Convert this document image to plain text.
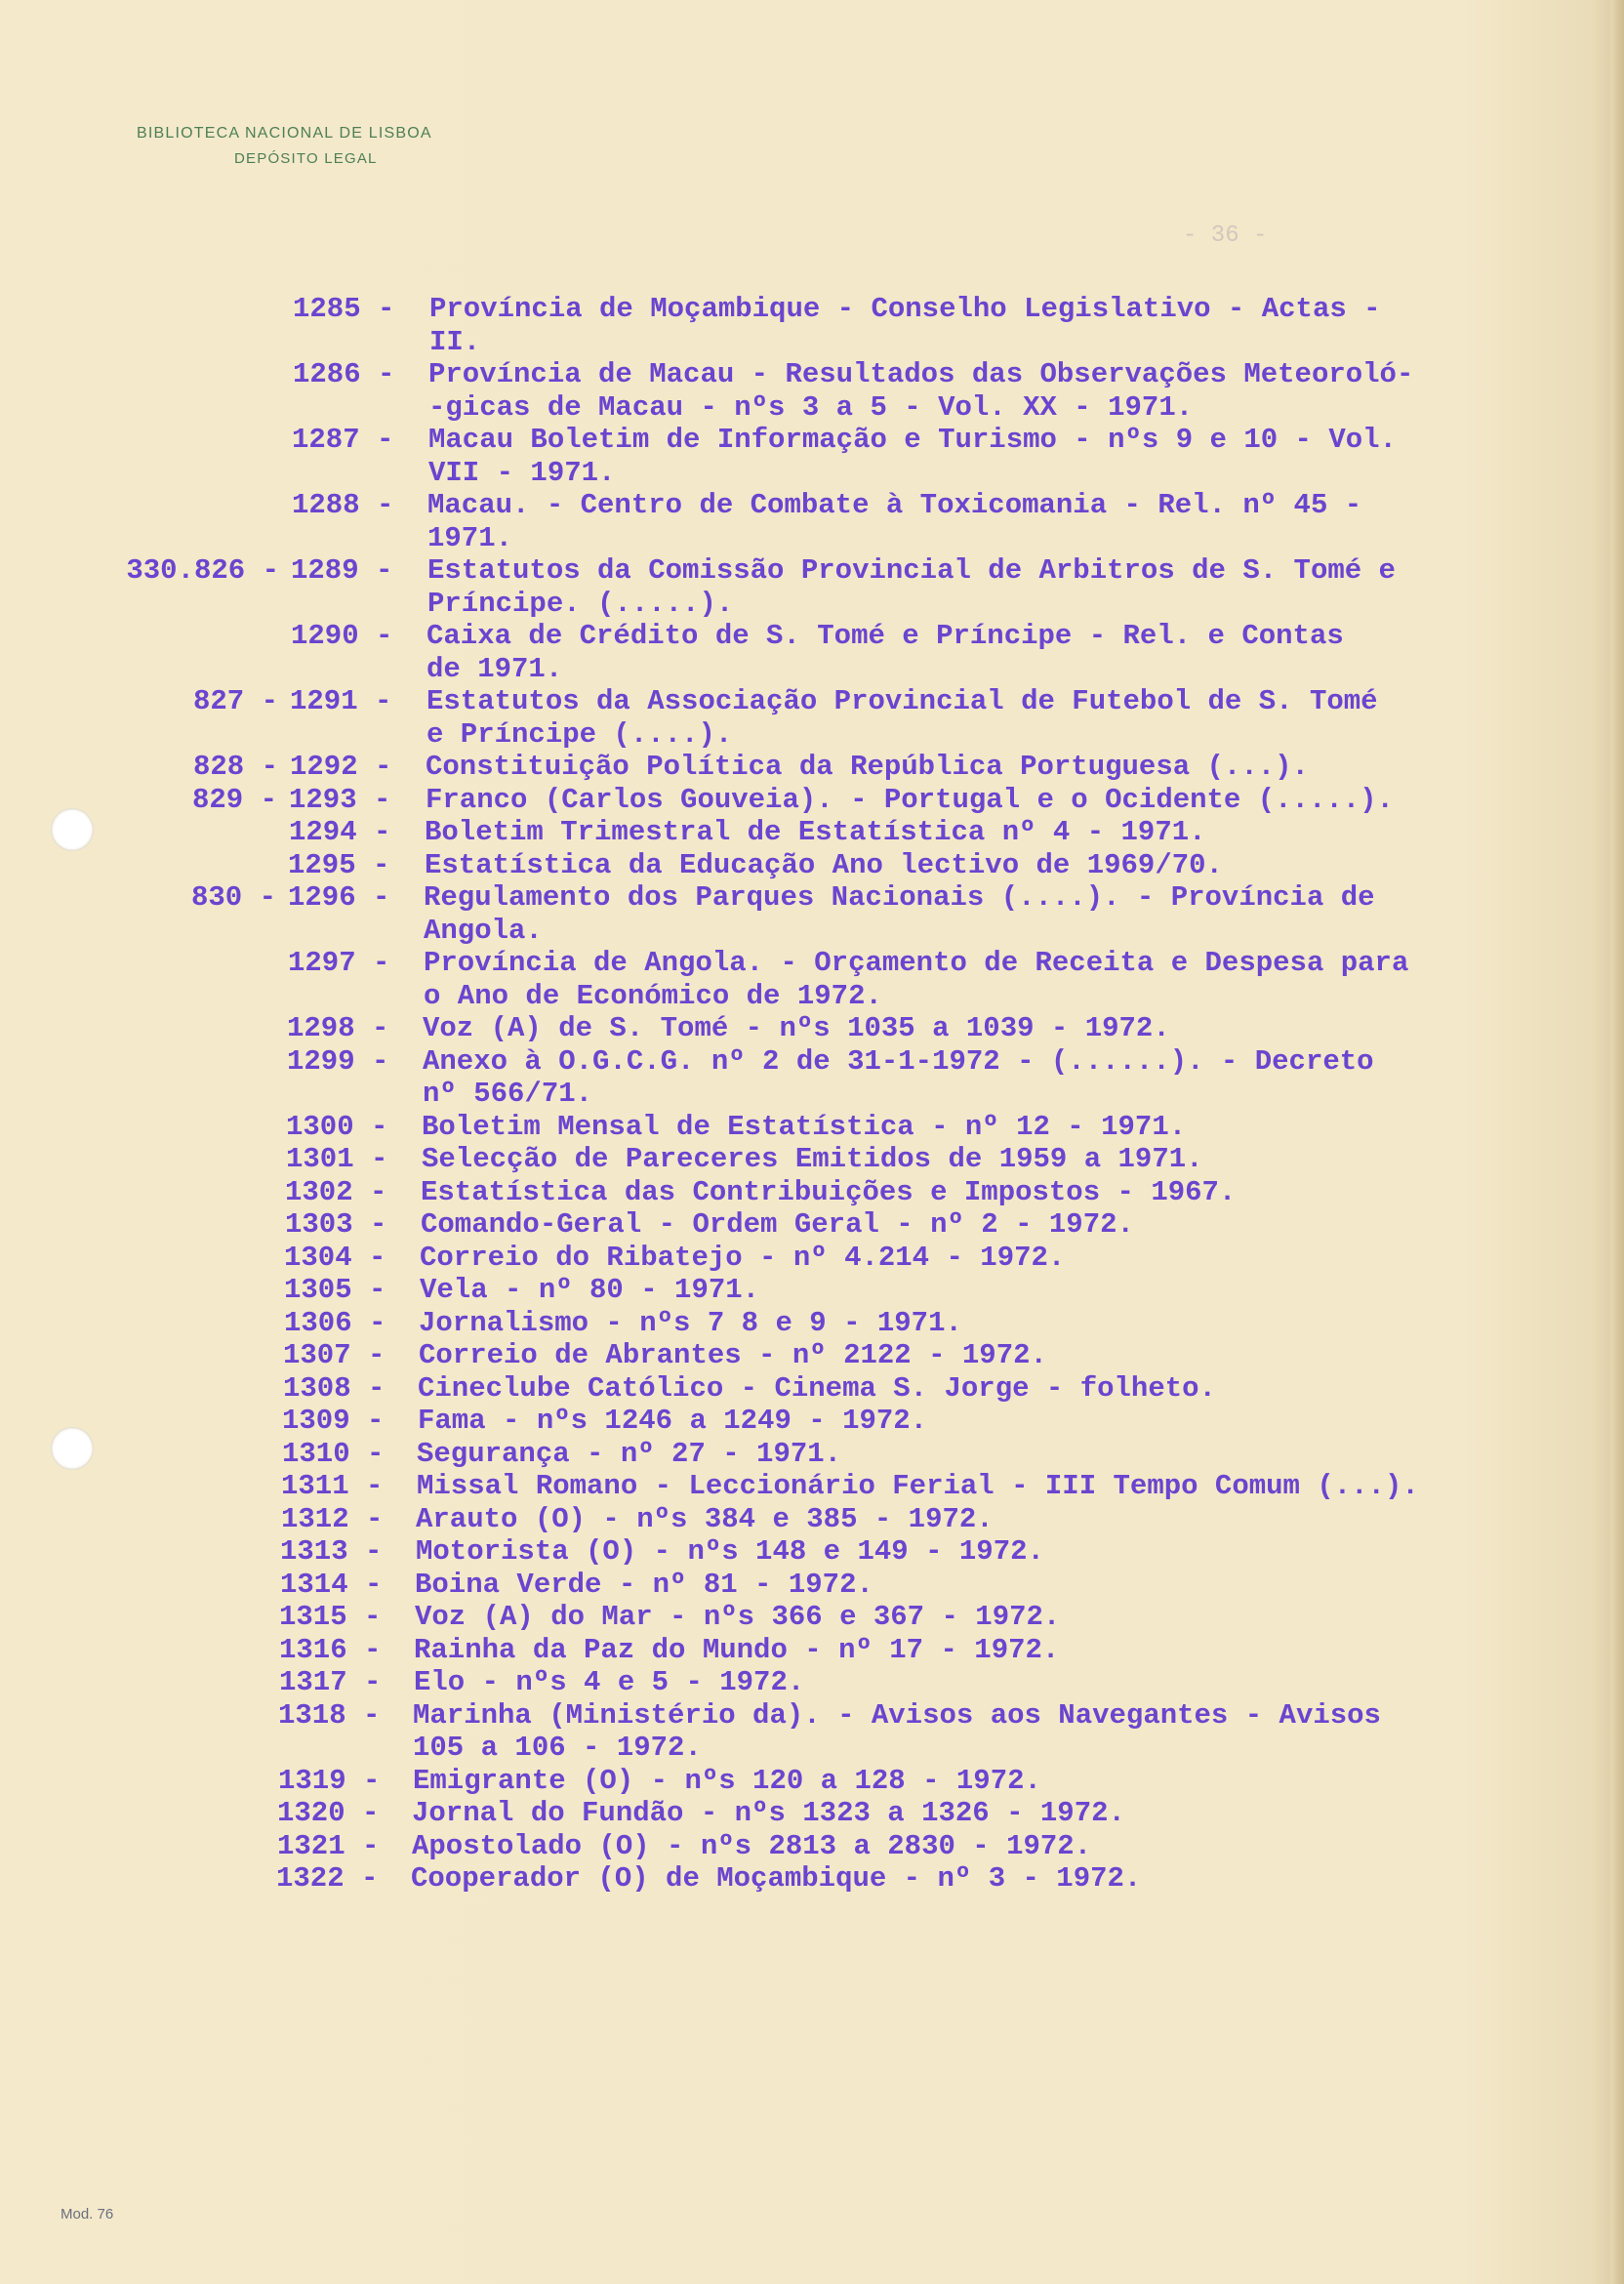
BIBLIOTECA NACIONAL DE LISBOA
DEPÓSITO LEGAL
- 36 -
1285 - Província de Moçambique - Conselho Legislativo - Actas -
II.
1286 - Província de Macau - Resultados das Observações Meteoroló-
-gicas de Macau - nºs 3 a 5 - Vol. XX - 1971.
1287 - Macau Boletim de Informação e Turismo - nºs 9 e 10 - Vol.
VII - 1971.
1288 - Macau. - Centro de Combate à Toxicomania - Rel. nº 45 -
1971.
330.826 - 1289 - Estatutos da Comissão Provincial de Arbitros de S. Tomé e
Príncipe. (.....).
1290 - Caixa de Crédito de S. Tomé e Príncipe - Rel. e Contas
de 1971.
827 - 1291 - Estatutos da Associação Provincial de Futebol de S. Tomé
e Príncipe (....).
828 - 1292 - Constituição Política da República Portuguesa (...).
829 - 1293 - Franco (Carlos Gouveia). - Portugal e o Ocidente (.....).
1294 - Boletim Trimestral de Estatística nº 4 - 1971.
1295 - Estatística da Educação Ano lectivo de 1969/70.
830 - 1296 - Regulamento dos Parques Nacionais (....). - Província de
Angola.
1297 - Província de Angola. - Orçamento de Receita e Despesa para
o Ano de Económico de 1972.
1298 - Voz (A) de S. Tomé - nºs 1035 a 1039 - 1972.
1299 - Anexo à O.G.C.G. nº 2 de 31-1-1972 - (......). - Decreto
nº 566/71.
1300 - Boletim Mensal de Estatística - nº 12 - 1971.
1301 - Selecção de Pareceres Emitidos de 1959 a 1971.
1302 - Estatística das Contribuições e Impostos - 1967.
1303 - Comando-Geral - Ordem Geral - nº 2 - 1972.
1304 - Correio do Ribatejo - nº 4.214 - 1972.
1305 - Vela - nº 80 - 1971.
1306 - Jornalismo - nºs 7 8 e 9 - 1971.
1307 - Correio de Abrantes - nº 2122 - 1972.
1308 - Cineclube Católico - Cinema S. Jorge - folheto.
1309 - Fama - nºs 1246 a 1249 - 1972.
1310 - Segurança - nº 27 - 1971.
1311 - Missal Romano - Leccionário Ferial - III Tempo Comum (...).
1312 - Arauto (O) - nºs 384 e 385 - 1972.
1313 - Motorista (O) - nºs 148 e 149 - 1972.
1314 - Boina Verde - nº 81 - 1972.
1315 - Voz (A) do Mar - nºs 366 e 367 - 1972.
1316 - Rainha da Paz do Mundo - nº 17 - 1972.
1317 - Elo - nºs 4 e 5 - 1972.
1318 - Marinha (Ministério da). - Avisos aos Navegantes - Avisos
105 a 106 - 1972.
1319 - Emigrante (O) - nºs 120 a 128 - 1972.
1320 - Jornal do Fundão - nºs 1323 a 1326 - 1972.
1321 - Apostolado (O) - nºs 2813 a 2830 - 1972.
1322 - Cooperador (O) de Moçambique - nº 3 - 1972.
Mod. 76
